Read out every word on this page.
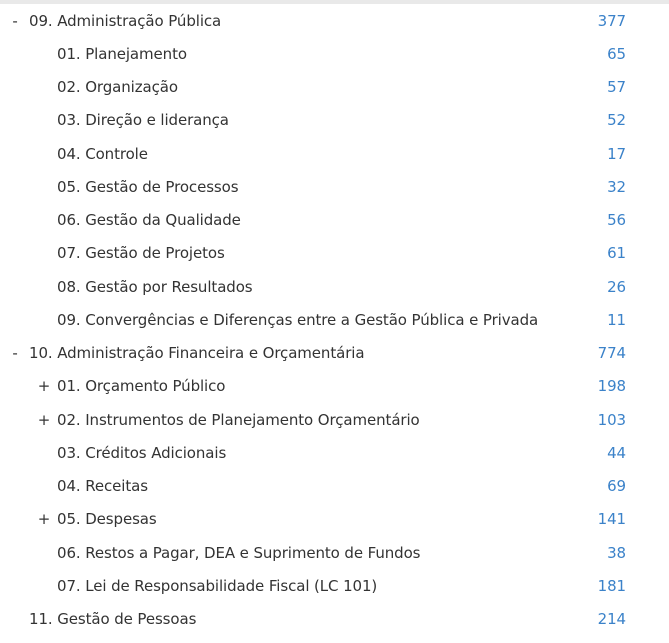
- 09. Administração Pública	377
01. Planejamento	65
02. Organização	57
03. Direção e liderança	52
04. Controle	17
05. Gestão de Processos	32
06. Gestão da Qualidade	56
07. Gestão de Projetos	61
08. Gestão por Resultados	26
09. Convergências e Diferenças entre a Gestão Pública e Privada	11
- 10. Administração Financeira e Orçamentária	774
+ 01. Orçamento Público	198
+ 02. Instrumentos de Planejamento Orçamentário	103
03. Créditos Adicionais	44
04. Receitas	69
+ 05. Despesas	141
06. Restos a Pagar, DEA e Suprimento de Fundos	38
07. Lei de Responsabilidade Fiscal (LC 101)	181
11. Gestão de Pessoas	214
